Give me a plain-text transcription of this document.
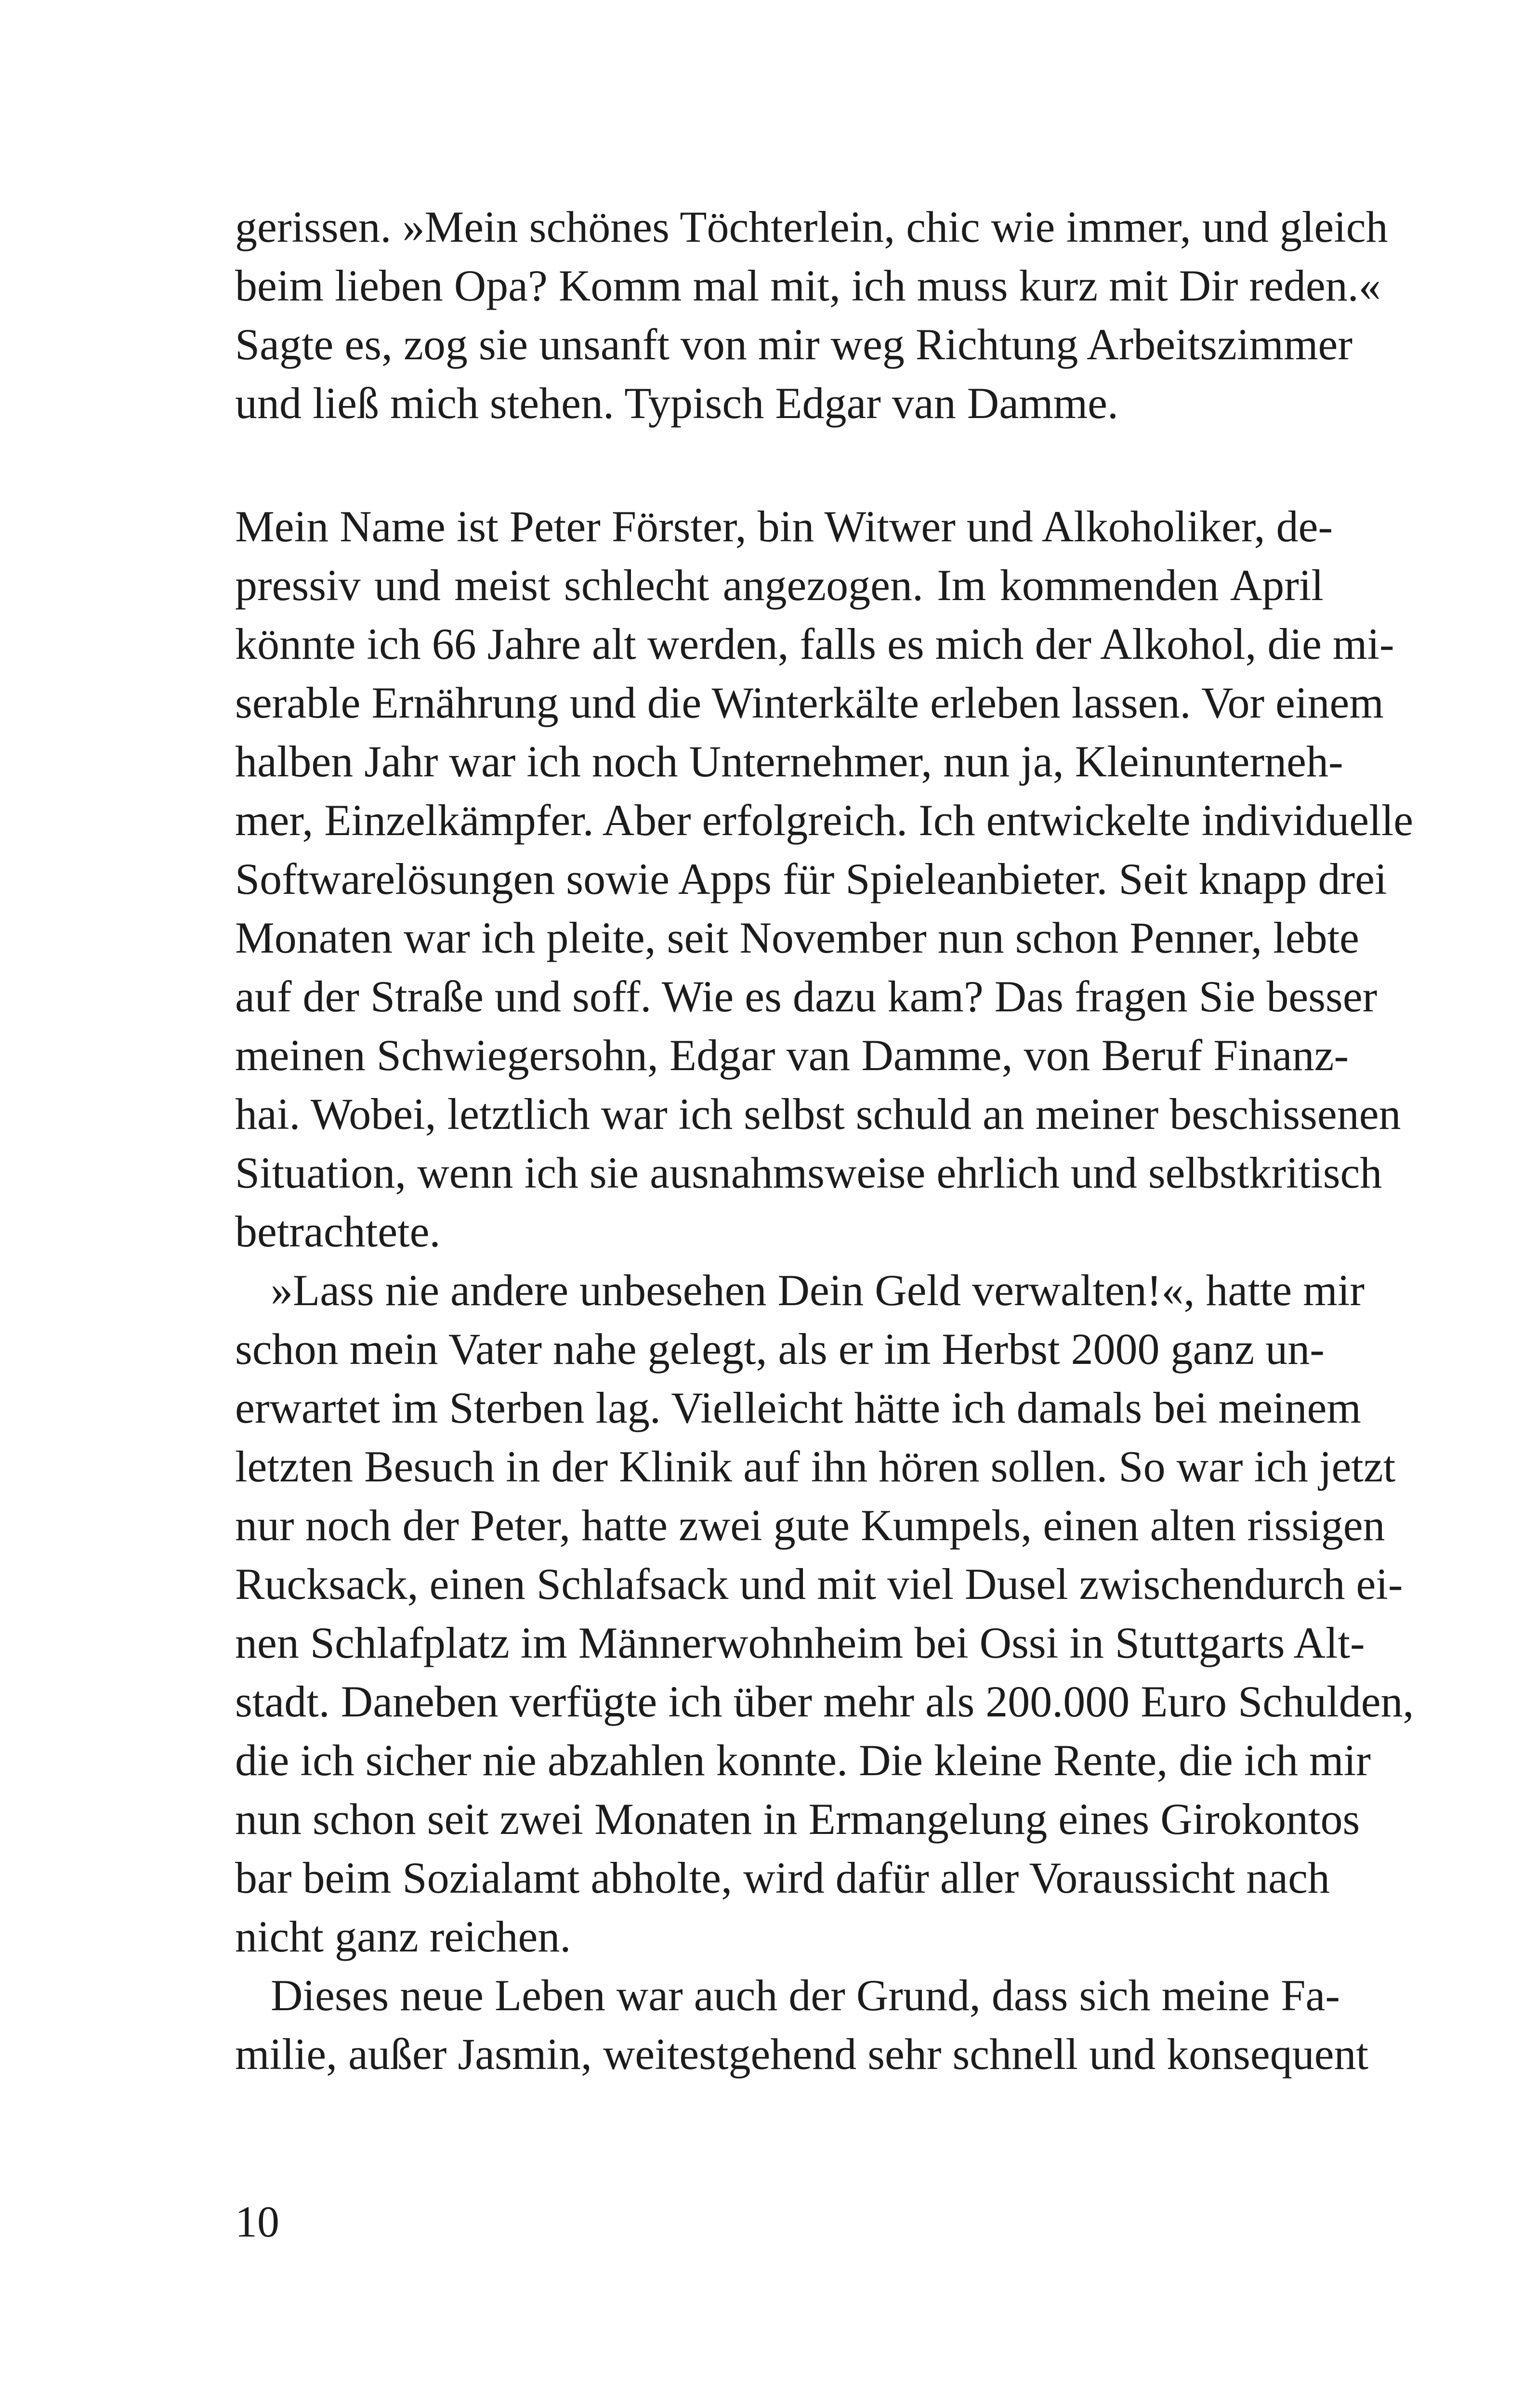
gerissen. »Mein schönes Töchterlein, chic wie immer, und gleich
beim lieben Opa? Komm mal mit, ich muss kurz mit Dir reden.«
Sagte es, zog sie unsanft von mir weg Richtung Arbeitszimmer
und ließ mich stehen. Typisch Edgar van Damme.
Mein Name ist Peter Förster, bin Witwer und Alkoholiker, de-
pressiv und meist schlecht angezogen. Im kommenden April
könnte ich 66 Jahre alt werden, falls es mich der Alkohol, die mi-
serable Ernährung und die Winterkälte erleben lassen. Vor einem
halben Jahr war ich noch Unternehmer, nun ja, Kleinunterneh-
mer, Einzelkämpfer. Aber erfolgreich. Ich entwickelte individuelle
Softwarelösungen sowie Apps für Spieleanbieter. Seit knapp drei
Monaten war ich pleite, seit November nun schon Penner, lebte
auf der Straße und soff. Wie es dazu kam? Das fragen Sie besser
meinen Schwiegersohn, Edgar van Damme, von Beruf Finanz-
hai. Wobei, letztlich war ich selbst schuld an meiner beschissenen
Situation, wenn ich sie ausnahmsweise ehrlich und selbstkritisch
betrachtete.
»Lass nie andere unbesehen Dein Geld verwalten!«, hatte mir
schon mein Vater nahe gelegt, als er im Herbst 2000 ganz un-
erwartet im Sterben lag. Vielleicht hätte ich damals bei meinem
letzten Besuch in der Klinik auf ihn hören sollen. So war ich jetzt
nur noch der Peter, hatte zwei gute Kumpels, einen alten rissigen
Rucksack, einen Schlafsack und mit viel Dusel zwischendurch ei-
nen Schlafplatz im Männerwohnheim bei Ossi in Stuttgarts Alt-
stadt. Daneben verfügte ich über mehr als 200.000 Euro Schulden,
die ich sicher nie abzahlen konnte. Die kleine Rente, die ich mir
nun schon seit zwei Monaten in Ermangelung eines Girokontos
bar beim Sozialamt abholte, wird dafür aller Voraussicht nach
nicht ganz reichen.
Dieses neue Leben war auch der Grund, dass sich meine Fa-
milie, außer Jasmin, weitestgehend sehr schnell und konsequent
10
